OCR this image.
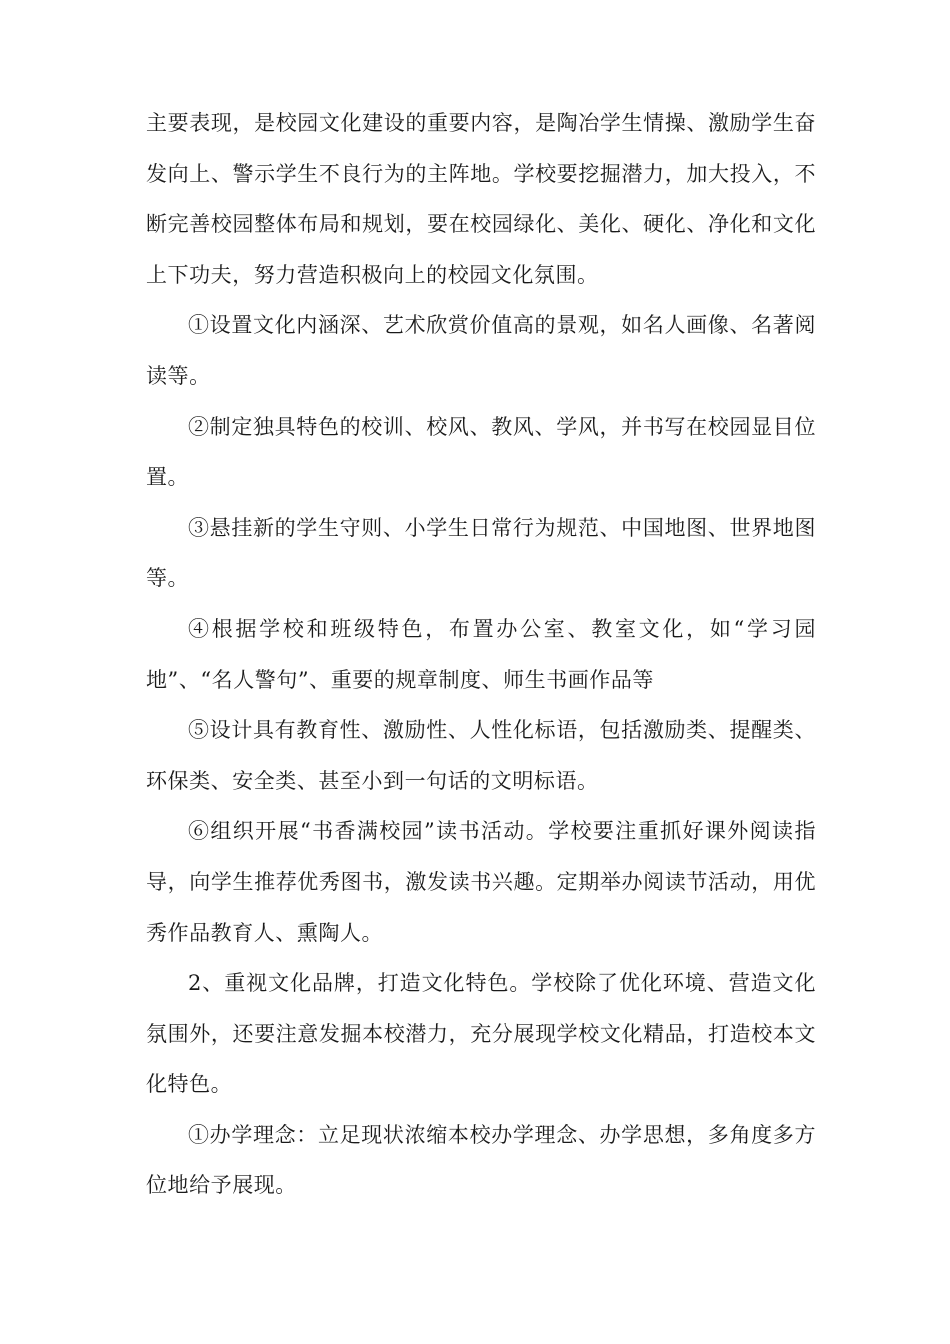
主要表现，是校园文化建设的重要内容，是陶冶学生情操、激励学生奋发向上、警示学生不良行为的主阵地。学校要挖掘潜力，加大投入，不断完善校园整体布局和规划，要在校园绿化、美化、硬化、净化和文化上下功夫，努力营造积极向上的校园文化氛围。

①设置文化内涵深、艺术欣赏价值高的景观，如名人画像、名著阅读等。

②制定独具特色的校训、校风、教风、学风，并书写在校园显目位置。

③悬挂新的学生守则、小学生日常行为规范、中国地图、世界地图等。

④根据学校和班级特色，布置办公室、教室文化，如“学习园地”、“名人警句”、重要的规章制度、师生书画作品等

⑤设计具有教育性、激励性、人性化标语，包括激励类、提醒类、环保类、安全类、甚至小到一句话的文明标语。

⑥组织开展“书香满校园”读书活动。学校要注重抓好课外阅读指导，向学生推荐优秀图书，激发读书兴趣。定期举办阅读节活动，用优秀作品教育人、熏陶人。

2、重视文化品牌，打造文化特色。学校除了优化环境、营造文化氛围外，还要注意发掘本校潜力，充分展现学校文化精品，打造校本文化特色。

①办学理念：立足现状浓缩本校办学理念、办学思想，多角度多方位地给予展现。
